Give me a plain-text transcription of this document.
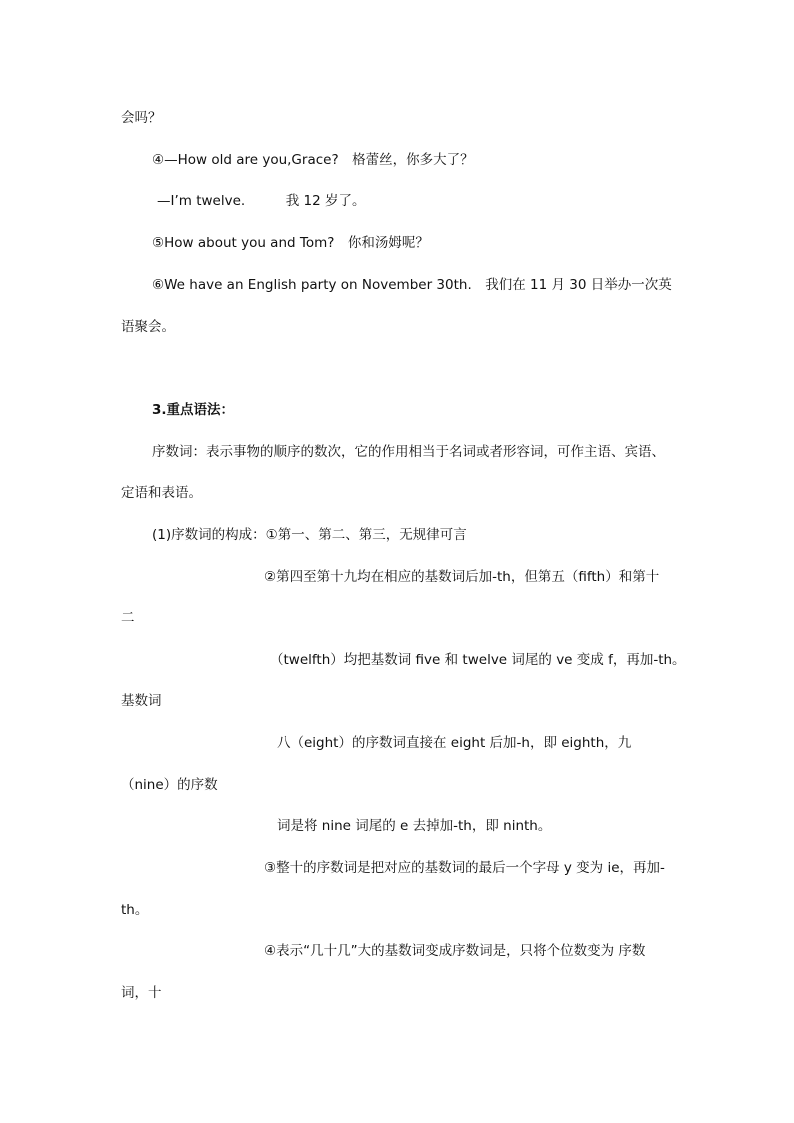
会吗？
④—How old are you,Grace?　格蕾丝，你多大了？
—I’m twelve.　　　我 12 岁了。
⑤How about you and Tom?　你和汤姆呢？
⑥We have an English party on November 30th.　我们在 11 月 30 日举办一次英
语聚会。
3.重点语法：
序数词：表示事物的顺序的数次，它的作用相当于名词或者形容词，可作主语、宾语、
定语和表语。
(1)序数词的构成：①第一、第二、第三，无规律可言
②第四至第十九均在相应的基数词后加-th，但第五（fifth）和第十
二
（twelfth）均把基数词 five 和 twelve 词尾的 ve 变成 f，再加-th。
基数词
八（eight）的序数词直接在 eight 后加-h，即 eighth，九
（nine）的序数
词是将 nine 词尾的 e 去掉加-th，即 ninth。
③整十的序数词是把对应的基数词的最后一个字母 y 变为 ie，再加-
th。
④表示“几十几”大的基数词变成序数词是，只将个位数变为 序数
词，十
